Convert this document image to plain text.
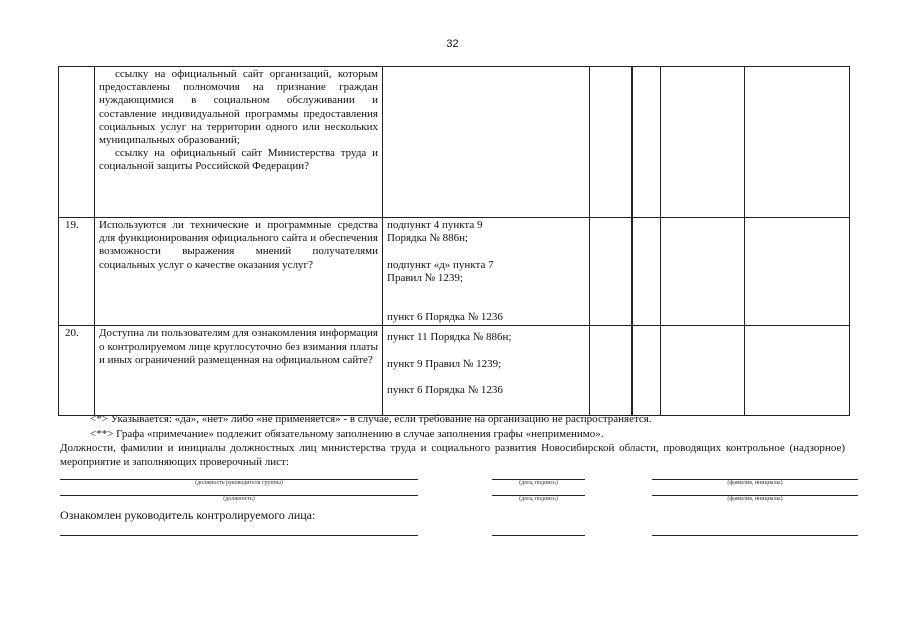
32

	ссылку на официальный сайт организаций, которым предоставлены полномочия на признание граждан нуждающимися в социальном обслуживании и составление индивидуальной программы предоставления социальных услуг на территории одного или нескольких муниципальных образований;

ссылку на официальный сайт Министерства труда и социальной защиты Российской Федерации?					

19.	Используются ли технические и программные средства для функционирования официального сайта и обеспечения возможности выражения мнений получателями социальных услуг о качестве оказания услуг?	подпункт 4 пункта 9

Порядка № 886н;

подпункт «д» пункта 7

Правил № 1239;

пункт 6 Порядка № 1236				

20.	Доступна ли пользователям для ознакомления информация о контролируемом лице круглосуточно без взимания платы и иных ограничений размещенная на официальном сайте?	пункт 11 Порядка № 886н;

пункт 9 Правил № 1239;

пункт 6 Порядка № 1236				

<*> Указывается: «да», «нет» либо «не применяется» - в случае, если требование на организацию не распространяется.
<**> Графа «примечание» подлежит обязательному заполнению в случае заполнения графы «неприменимо».
Должности, фамилии и инициалы должностных лиц министерства труда и социального развития Новосибирской области, проводящих контрольное (надзорное) мероприятие и заполняющих проверочный лист:
(должность руководителя группы)	(дата, подпись)	(фамилия, инициалы)
(должность)	(дата, подпись)	(фамилия, инициалы)
Ознакомлен руководитель контролируемого лица:
